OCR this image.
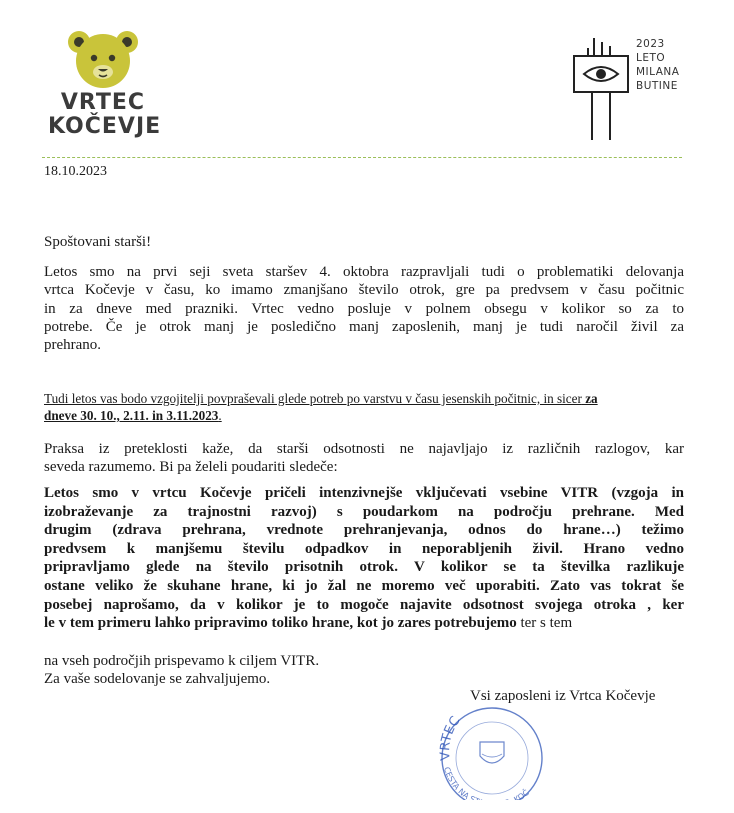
VRTEC
KOČEVJE
2023
LETO
MILANA
BUTINE
18.10.2023
Spoštovani starši!
Letos smo na prvi seji sveta staršev 4. oktobra razpravljali tudi o problematiki delovanja
vrtca Kočevje v času, ko imamo zmanjšano število otrok, gre pa predvsem v času počitnic
in za dneve med prazniki. Vrtec vedno posluje v polnem obsegu v kolikor so za to
potrebe. Če je otrok manj je posledično manj zaposlenih, manj je tudi naročil živil za
prehrano.
Tudi letos vas bodo vzgojitelji povpraševali glede potreb po varstvu v času jesenskih počitnic, in sicer za
dneve 30. 10., 2.11. in 3.11.2023.
Praksa iz preteklosti kaže, da starši odsotnosti ne najavljajo iz različnih razlogov, kar
seveda razumemo. Bi pa želeli poudariti sledeče:
Letos smo v vrtcu Kočevje pričeli intenzivnejše vključevati vsebine VITR (vzgoja in
izobraževanje za trajnostni razvoj) s poudarkom na področju prehrane. Med
drugim (zdrava prehrana, vrednote prehranjevanja, odnos do hrane…) težimo
predvsem k manjšemu številu odpadkov in neporabljenih živil. Hrano vedno
pripravljamo glede na število prisotnih otrok. V kolikor se ta številka razlikuje
ostane veliko že skuhane hrane, ki jo žal ne moremo več uporabiti. Zato vas tokrat še
posebej naprošamo, da v kolikor je to mogoče najavite odsotnost svojega otroka , ker
le v tem primeru lahko pripravimo toliko hrane, kot jo zares potrebujemo ter s tem
na vseh področjih prispevamo k ciljem VITR.
Za vaše sodelovanje se zahvaljujemo.
VRTEC
CESTA NA S KOČ
Vsi zaposleni iz Vrtca Kočevje
